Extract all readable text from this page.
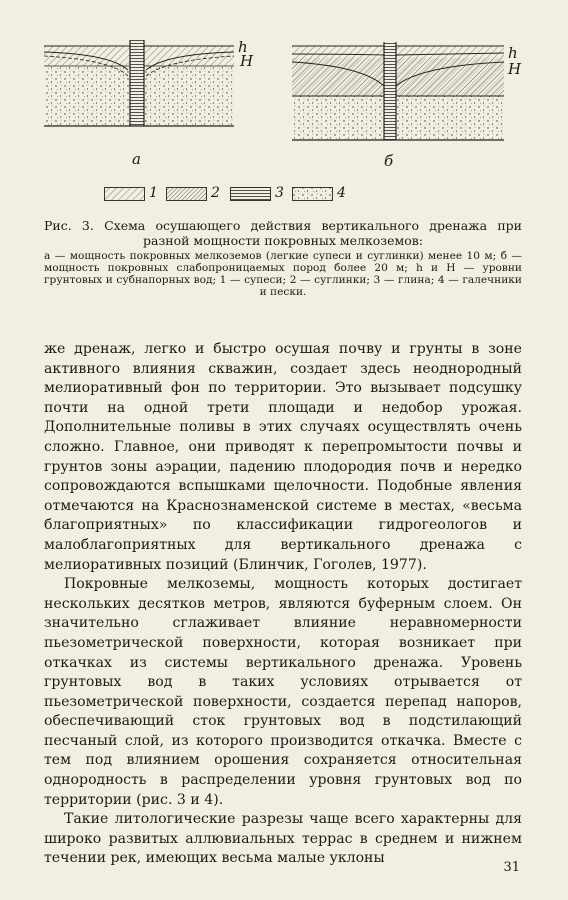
h
H	h
H
а	б
1	2	3	4
Рис. 3. Схема осушающего действия вертикального дренажа при разной мощности покровных мелкоземов:
а — мощность покровных мелкоземов (легкие супеси и суглинки) менее 10 м; б — мощность покровных слабопроницаемых пород более 20 м; h и H — уровни грунтовых и субнапорных вод; 1 — супеси; 2 — суглинки; 3 — глина; 4 — галечники и пески.

же дренаж, легко и быстро осушая почву и грунты в зоне активного влияния скважин, создает здесь неоднородный мелиоративный фон по территории. Это вызывает подсушку почти на одной трети площади и недобор урожая. Дополнительные поливы в этих случаях осуществлять очень сложно. Главное, они приводят к перепромытости почвы и грунтов зоны аэрации, падению плодородия почв и нередко сопровождаются вспышками щелочности. Подобные явления отмечаются на Краснознаменской системе в местах, «весьма благоприятных» по классификации гидрогеологов и малоблагоприятных для вертикального дренажа с мелиоративных позиций (Блинчик, Гоголев, 1977).

Покровные мелкоземы, мощность которых достигает нескольких десятков метров, являются буферным слоем. Он значительно сглаживает влияние неравномерности пьезометрической поверхности, которая возникает при откачках из системы вертикального дренажа. Уровень грунтовых вод в таких условиях отрывается от пьезометрической поверхности, создается перепад напоров, обеспечивающий сток грунтовых вод в подстилающий песчаный слой, из которого производится откачка. Вместе с тем под влиянием орошения сохраняется относительная однородность в распределении уровня грунтовых вод по территории (рис. 3 и 4).

Такие литологические разрезы чаще всего характерны для широко развитых аллювиальных террас в среднем и нижнем течении рек, имеющих весьма малые уклоны

31
